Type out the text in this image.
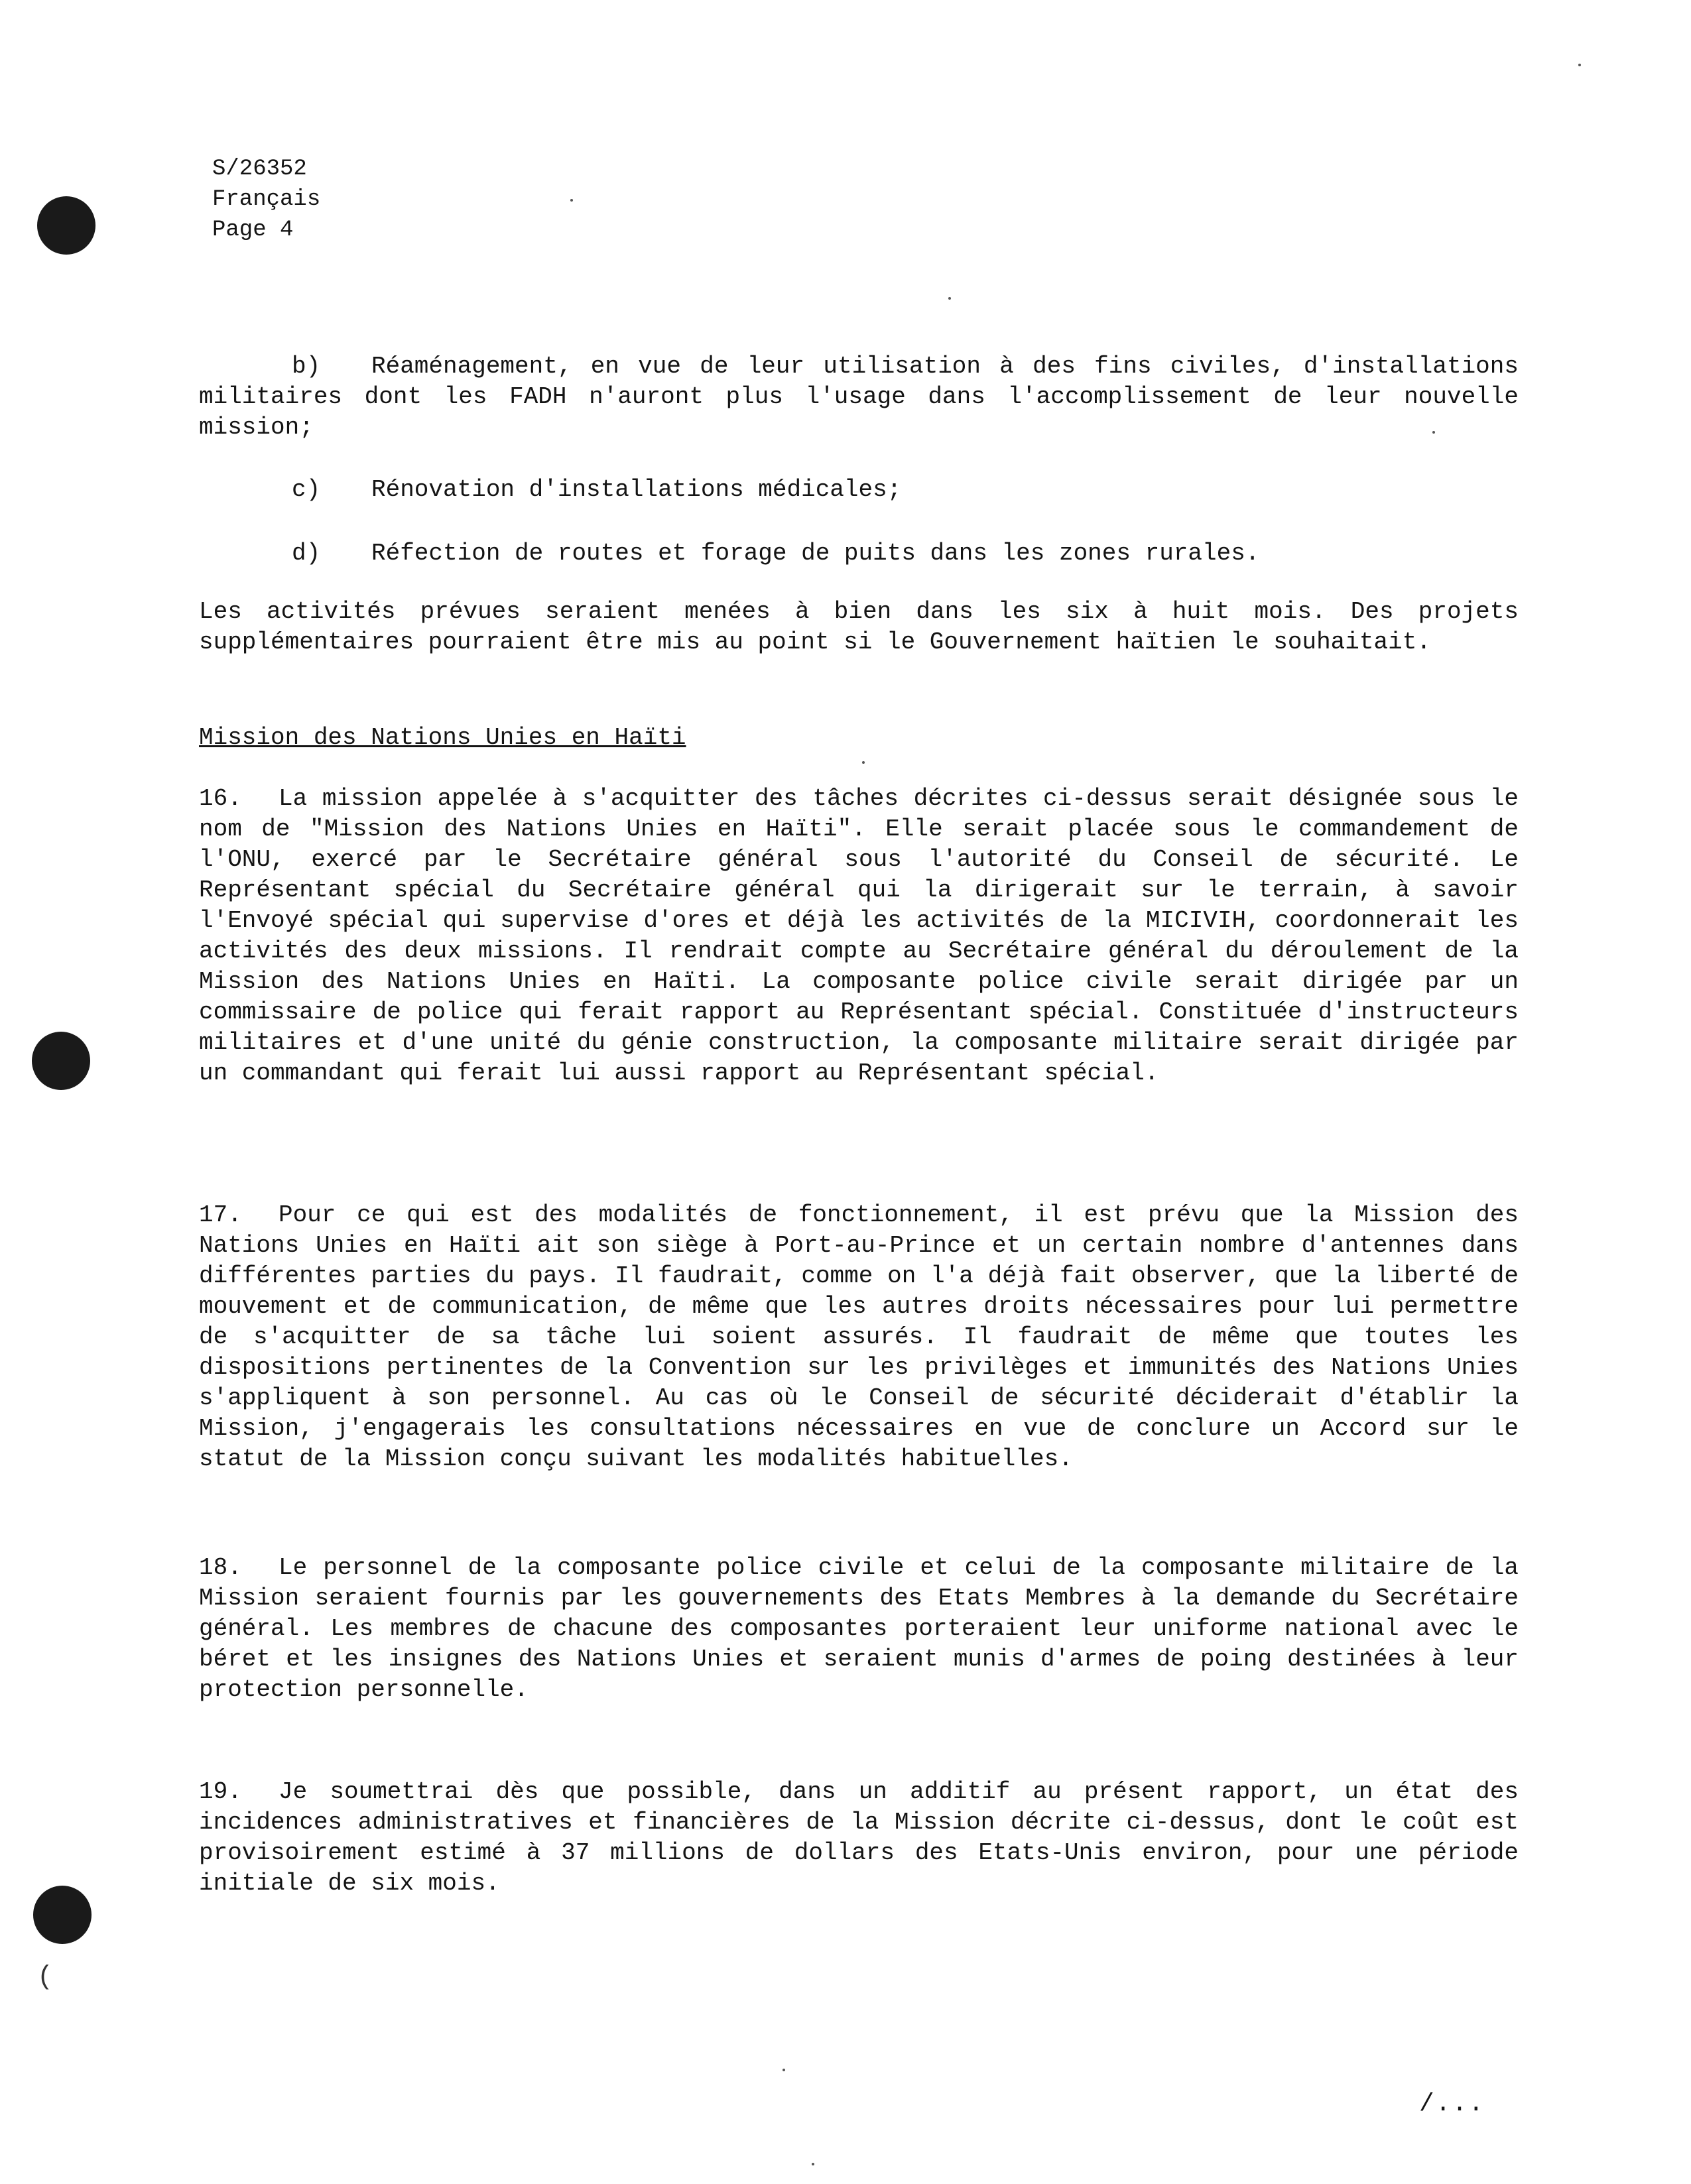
(
S/26352
Français
Page 4
b) Réaménagement, en vue de leur utilisation à des fins civiles, d'installations militaires dont les FADH n'auront plus l'usage dans l'accomplissement de leur nouvelle mission;
c) Rénovation d'installations médicales;
d) Réfection de routes et forage de puits dans les zones rurales.
Les activités prévues seraient menées à bien dans les six à huit mois. Des projets supplémentaires pourraient être mis au point si le Gouvernement haïtien le souhaitait.
Mission des Nations Unies en Haïti
16. La mission appelée à s'acquitter des tâches décrites ci-dessus serait désignée sous le nom de "Mission des Nations Unies en Haïti". Elle serait placée sous le commandement de l'ONU, exercé par le Secrétaire général sous l'autorité du Conseil de sécurité. Le Représentant spécial du Secrétaire général qui la dirigerait sur le terrain, à savoir l'Envoyé spécial qui supervise d'ores et déjà les activités de la MICIVIH, coordonnerait les activités des deux missions. Il rendrait compte au Secrétaire général du déroulement de la Mission des Nations Unies en Haïti. La composante police civile serait dirigée par un commissaire de police qui ferait rapport au Représentant spécial. Constituée d'instructeurs militaires et d'une unité du génie construction, la composante militaire serait dirigée par un commandant qui ferait lui aussi rapport au Représentant spécial.
17. Pour ce qui est des modalités de fonctionnement, il est prévu que la Mission des Nations Unies en Haïti ait son siège à Port-au-Prince et un certain nombre d'antennes dans différentes parties du pays. Il faudrait, comme on l'a déjà fait observer, que la liberté de mouvement et de communication, de même que les autres droits nécessaires pour lui permettre de s'acquitter de sa tâche lui soient assurés. Il faudrait de même que toutes les dispositions pertinentes de la Convention sur les privilèges et immunités des Nations Unies s'appliquent à son personnel. Au cas où le Conseil de sécurité déciderait d'établir la Mission, j'engagerais les consultations nécessaires en vue de conclure un Accord sur le statut de la Mission conçu suivant les modalités habituelles.
18. Le personnel de la composante police civile et celui de la composante militaire de la Mission seraient fournis par les gouvernements des Etats Membres à la demande du Secrétaire général. Les membres de chacune des composantes porteraient leur uniforme national avec le béret et les insignes des Nations Unies et seraient munis d'armes de poing destinées à leur protection personnelle.
19. Je soumettrai dès que possible, dans un additif au présent rapport, un état des incidences administratives et financières de la Mission décrite ci-dessus, dont le coût est provisoirement estimé à 37 millions de dollars des Etats-Unis environ, pour une période initiale de six mois.
/...
